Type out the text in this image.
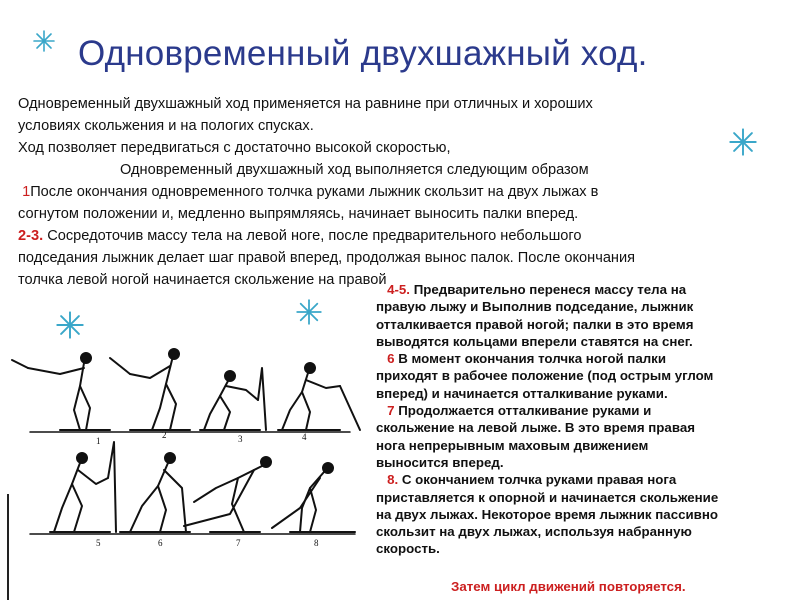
Одновременный двухшажный ход.
Одновременный двухшажный ход применяется на равнине при отличных и хороших
условиях скольжения и на пологих спусках.
Ход позволяет передвигаться с достаточно высокой скоростью,
Одновременный двухшажный ход выполняется следующим образом
1После окончания одновременного толчка руками лыжник скользит на двух лыжах в
согнутом положении и, медленно выпрямляясь, начинает выносить палки вперед.
2-3. Сосредоточив массу тела на левой ноге, после предварительного небольшого
подседания лыжник делает шаг правой вперед, продолжая вынос палок. После окончания
толчка левой ногой начинается скольжение на правой
4-5. Предварительно перенеся массу тела на
правую лыжу и Выполнив подседание, лыжник
отталкивается правой ногой; палки в это время
выводятся кольцами вперели ставятся на снег.
6 В момент окончания толчка ногой палки
приходят в рабочее положение (под острым углом
вперед) и начинается отталкивание руками.
7 Продолжается отталкивание руками и
скольжение на левой лыже. В это время правая
нога непрерывным маховым движением
выносится вперед.
8. С окончанием толчка руками правая нога
приставляется к опорной и начинается скольжение
на двух лыжах. Некоторое время лыжник пассивно
скользит на двух лыжах, используя набранную
скорость.
Затем цикл движений повторяется.
1
2	3	4
5	6	7	8
